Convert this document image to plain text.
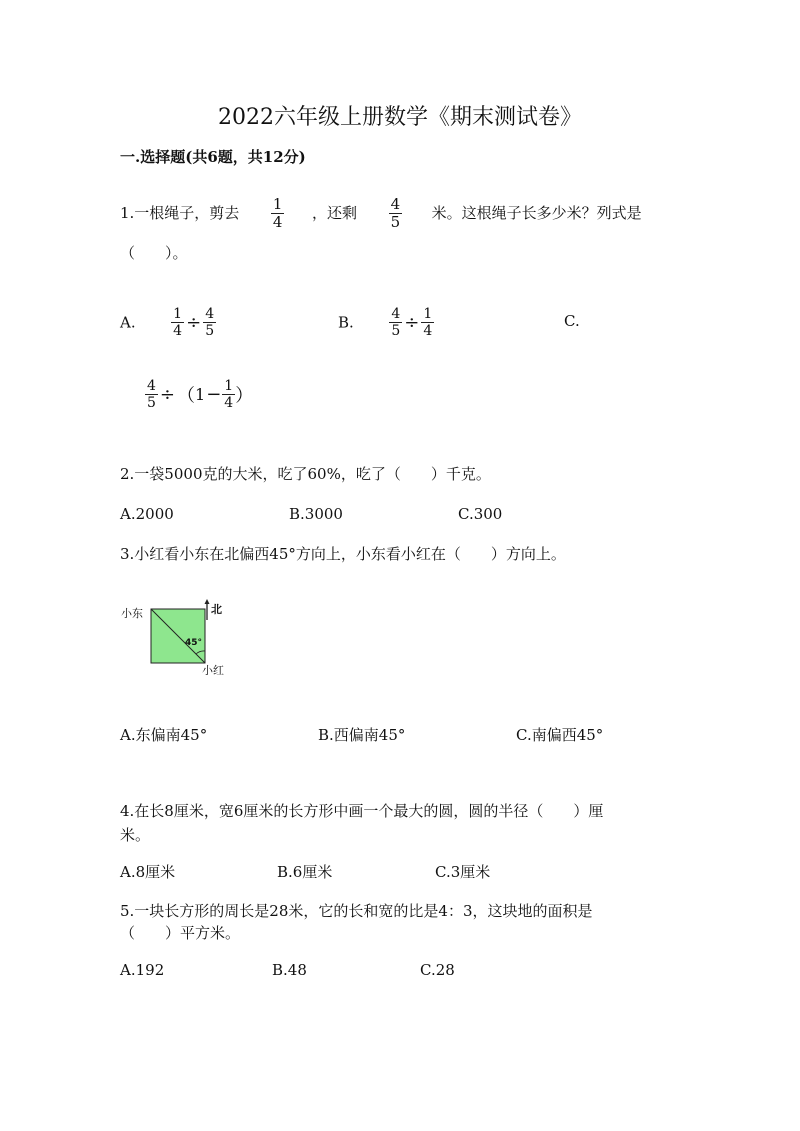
2022六年级上册数学《期末测试卷》
一.选择题(共6题，共12分)
1.一根绳子，剪去 $\frac{1}{4}$ ，还剩 $\frac{4}{5}$ 米。这根绳子长多少米？列式是
（　　）。
A.	$\frac{1}{4} \div \frac{4}{5}$	B.	$\frac{4}{5} \div \frac{1}{4}$	C.
$\frac{4}{5} \div (1- \frac{1}{4}$ ）
2.一袋5000克的大米，吃了60%，吃了（　　）千克。
A.2000	B.3000	C.300
3.小红看小东在北偏西45°方向上，小东看小红在（　　）方向上。
小东	北
45°
小红
A.东偏南45°	B.西偏南45°	C.南偏西45°
4.在长8厘米，宽6厘米的长方形中画一个最大的圆，圆的半径（　　）厘
米。
A.8厘米	B.6厘米	C.3厘米
5.一块长方形的周长是28米，它的长和宽的比是4：3，这块地的面积是
（　　）平方米。
A.192	B.48	C.28
